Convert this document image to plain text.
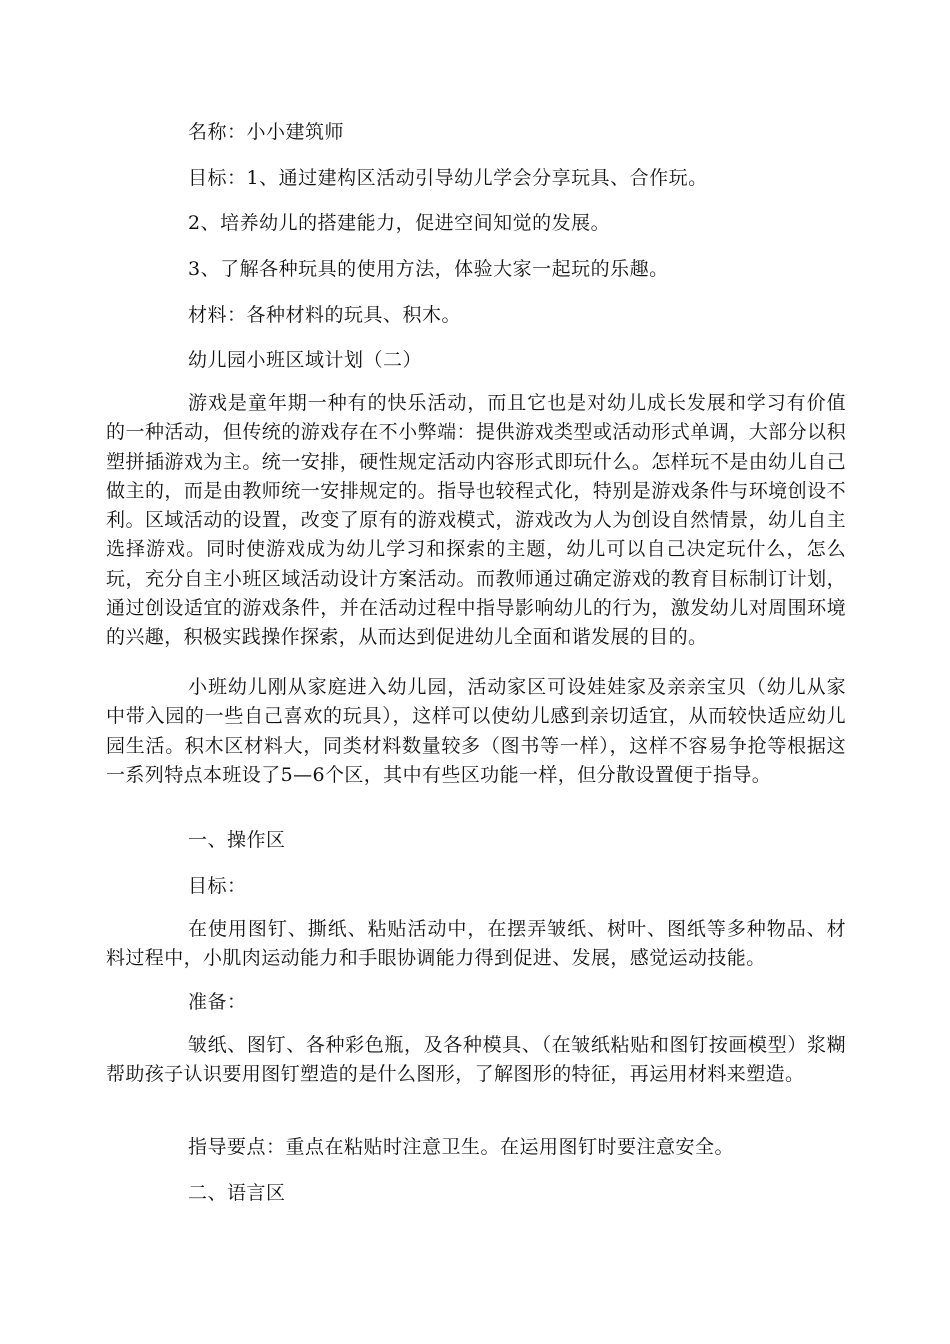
名称：小小建筑师
目标：1、通过建构区活动引导幼儿学会分享玩具、合作玩。
2、培养幼儿的搭建能力，促进空间知觉的发展。
3、了解各种玩具的使用方法，体验大家一起玩的乐趣。
材料：各种材料的玩具、积木。
幼儿园小班区域计划（二）
游戏是童年期一种有的快乐活动，而且它也是对幼儿成长发展和学习有价值的一种活动，但传统的游戏存在不小弊端：提供游戏类型或活动形式单调，大部分以积塑拼插游戏为主。统一安排，硬性规定活动内容形式即玩什么。怎样玩不是由幼儿自己做主的，而是由教师统一安排规定的。指导也较程式化，特别是游戏条件与环境创设不利。区域活动的设置，改变了原有的游戏模式，游戏改为人为创设自然情景，幼儿自主选择游戏。同时使游戏成为幼儿学习和探索的主题，幼儿可以自己决定玩什么，怎么玩，充分自主小班区域活动设计方案活动。而教师通过确定游戏的教育目标制订计划，通过创设适宜的游戏条件，并在活动过程中指导影响幼儿的行为，激发幼儿对周围环境的兴趣，积极实践操作探索，从而达到促进幼儿全面和谐发展的目的。
小班幼儿刚从家庭进入幼儿园，活动家区可设娃娃家及亲亲宝贝（幼儿从家中带入园的一些自己喜欢的玩具），这样可以使幼儿感到亲切适宜，从而较快适应幼儿园生活。积木区材料大，同类材料数量较多（图书等一样），这样不容易争抢等根据这一系列特点本班设了5—6个区，其中有些区功能一样，但分散设置便于指导。
一、操作区
目标：
在使用图钉、撕纸、粘贴活动中，在摆弄皱纸、树叶、图纸等多种物品、材料过程中，小肌肉运动能力和手眼协调能力得到促进、发展，感觉运动技能。
准备：
皱纸、图钉、各种彩色瓶，及各种模具、（在皱纸粘贴和图钉按画模型）浆糊帮助孩子认识要用图钉塑造的是什么图形，了解图形的特征，再运用材料来塑造。
指导要点：重点在粘贴时注意卫生。在运用图钉时要注意安全。
二、语言区
